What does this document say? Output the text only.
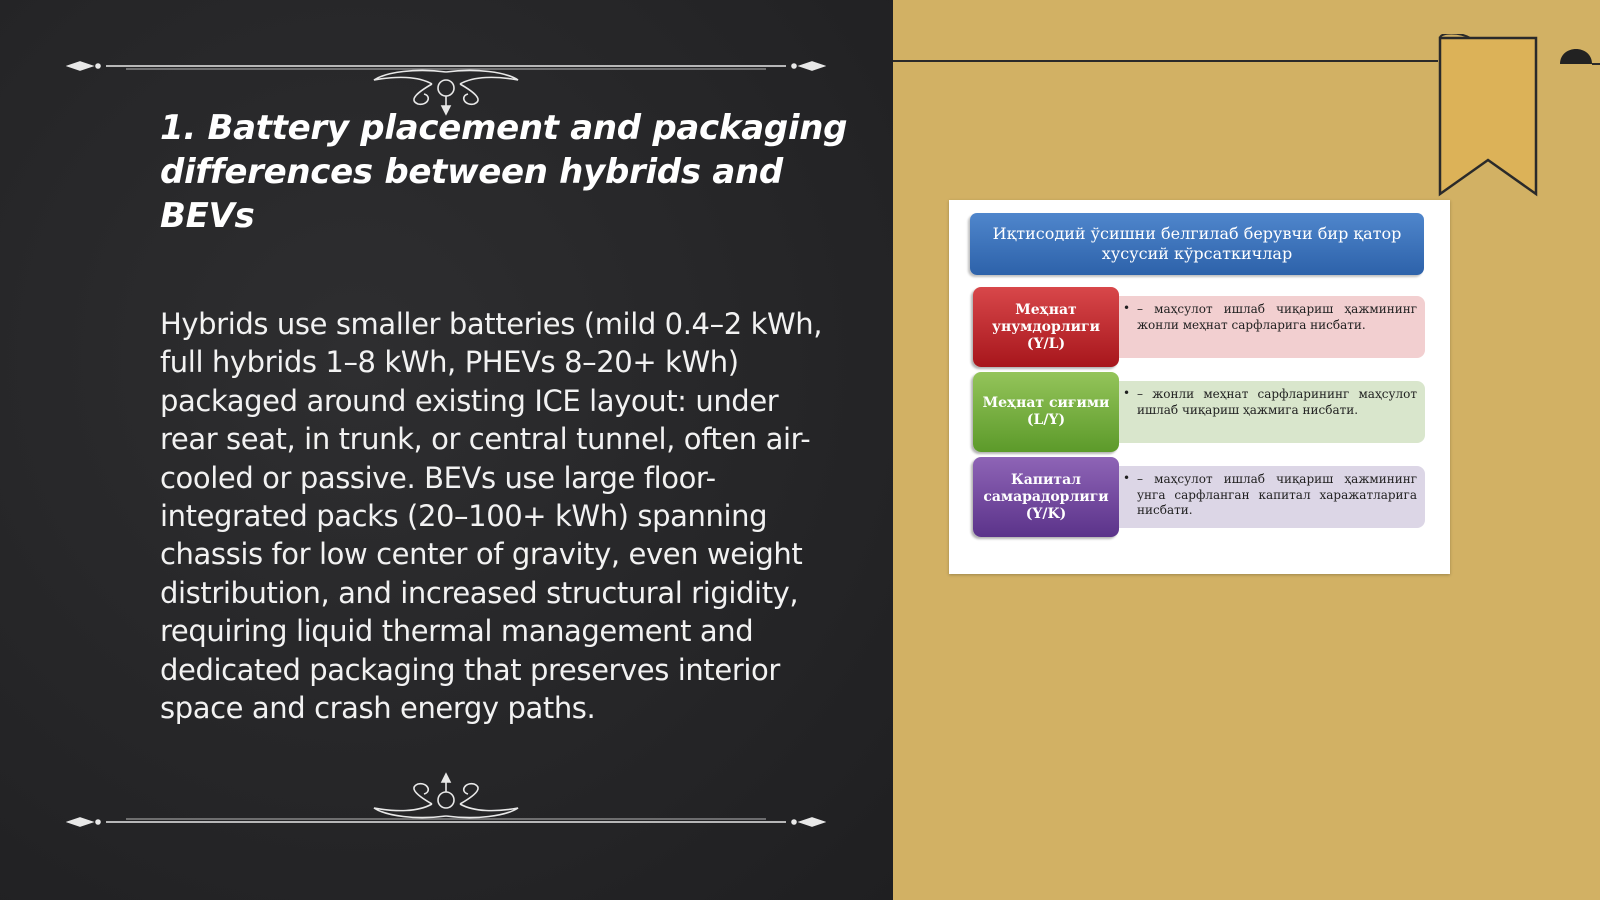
1. Battery placement and packaging differences between hybrids and BEVs

Hybrids use smaller batteries (mild 0.4–2 kWh, full hybrids 1–8 kWh, PHEVs 8–20+ kWh) packaged around existing ICE layout: under rear seat, in trunk, or central tunnel, often air-cooled or passive. BEVs use large floor-integrated packs (20–100+ kWh) spanning chassis for low center of gravity, even weight distribution, and increased structural rigidity, requiring liquid thermal management and dedicated packaging that preserves interior space and crash energy paths.

Иқтисодий ўсишни белгилаб берувчи бир қатор хусусий кўрсаткичлар
Меҳнат унумдорлиги (Y/L)
• – маҳсулот ишлаб чиқариш ҳажмининг жонли меҳнат сарфларига нисбати.
Меҳнат сиғими (L/Y)
• – жонли меҳнат сарфларининг маҳсулот ишлаб чиқариш ҳажмига нисбати.
Капитал самарадорлиги (Y/K)
• – маҳсулот ишлаб чиқариш ҳажмининг унга сарфланган капитал харажатларига нисбати.
